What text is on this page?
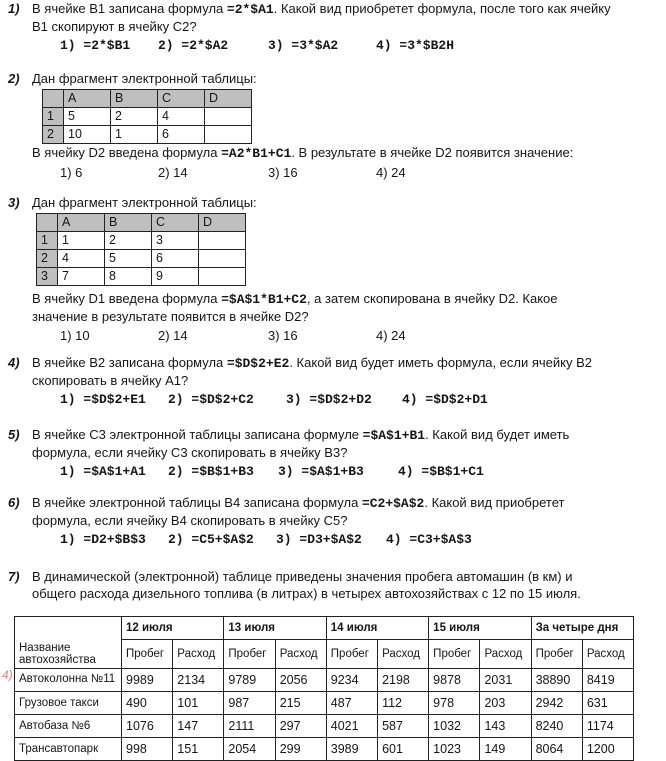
1) В ячейке B1 записана формула =2*$A1. Какой вид приобретет формула, после того как ячейку
B1 скопируют в ячейку C2?
1) =2*$B1	2) =2*$A2	3) =3*$A2	4) =3*$B2H
2) Дан фрагмент электронной таблицы:
	A	B	C	D
1	5	2	4	
2	10	1	6	
В ячейку D2 введена формула =A2*B1+C1. В результате в ячейке D2 появится значение:
1) 6	2) 14	3) 16	4) 24
3) Дан фрагмент электронной таблицы:
	A	B	C	D
1	1	2	3	
2	4	5	6	
3	7	8	9	
В ячейку D1 введена формула =$A$1*B1+C2, а затем скопирована в ячейку D2. Какое
значение в результате появится в ячейке D2?
1) 10	2) 14	3) 16	4) 24
4) В ячейке B2 записана формула =$D$2+E2. Какой вид будет иметь формула, если ячейку B2
скопировать в ячейку A1?
1) =$D$2+E1	2) =$D$2+C2	3) =$D$2+D2	4) =$D$2+D1
5) В ячейке C3 электронной таблицы записана формуле =$A$1+B1. Какой вид будет иметь
формула, если ячейку C3 скопировать в ячейку B3?
1) =$A$1+A1	2) =$B$1+B3	3) =$A$1+B3	4) =$B$1+C1
6) В ячейке электронной таблицы B4 записана формула =C2+$A$2. Какой вид приобретет
формула, если ячейку B4 скопировать в ячейку C5?
1) =D2+$B$3	2) =C5+$A$2	3) =D3+$A$2	4) =C3+$A$3
7) В динамической (электронной) таблице приведены значения пробега автомашин (в км) и
общего расхода дизельного топлива (в литрах) в четырех автохозяйствах с 12 по 15 июля.
4)
	12 июля		13 июля		14 июля		15 июля		За четыре дня	
Название автохозяйства	Пробег	Расход	Пробег	Расход	Пробег	Расход	Пробег	Расход	Пробег	Расход
Автоколонна №11	9989	2134	9789	2056	9234	2198	9878	2031	38890	8419
Грузовое такси	490	101	987	215	487	112	978	203	2942	631
Автобаза №6	1076	147	2111	297	4021	587	1032	143	8240	1174
Трансавтопарк	998	151	2054	299	3989	601	1023	149	8064	1200
